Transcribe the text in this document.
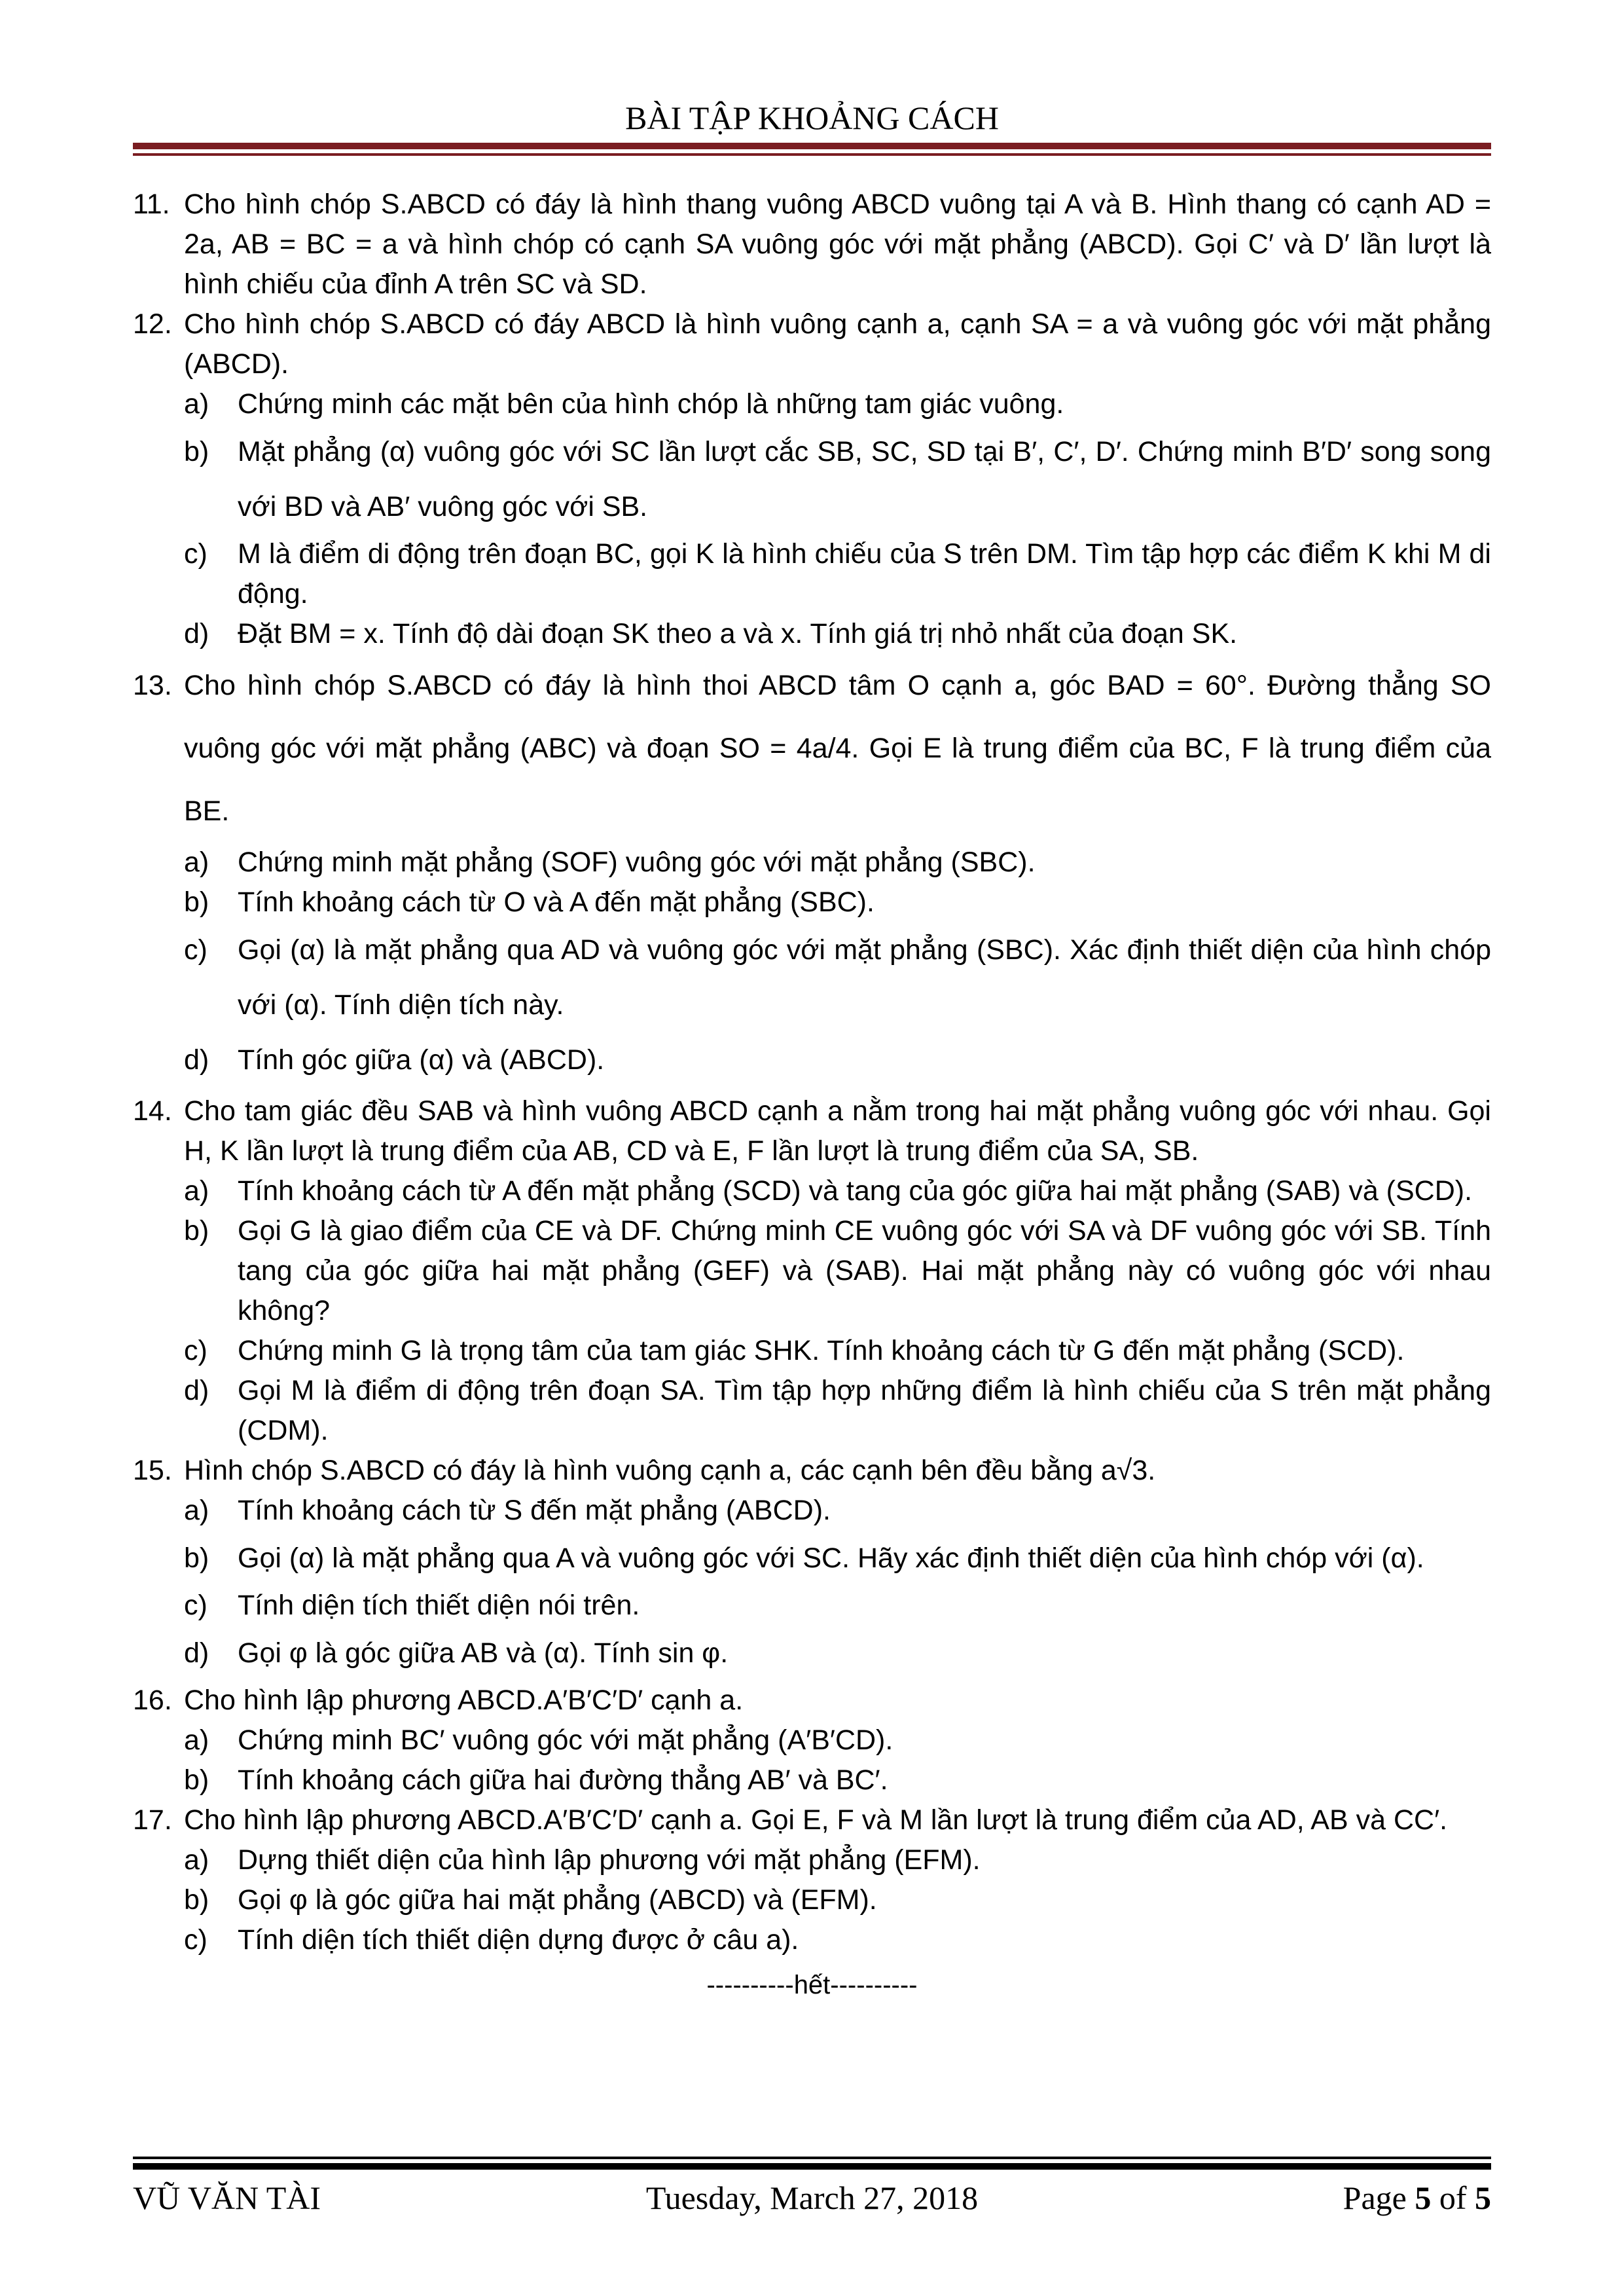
BÀI TẬP KHOẢNG CÁCH

11. Cho hình chóp S.ABCD có đáy là hình thang vuông ABCD vuông tại A và B. Hình thang có cạnh AD = 2a, AB = BC = a và hình chóp có cạnh SA vuông góc với mặt phẳng (ABCD). Gọi C′ và D′ lần lượt là hình chiếu của đỉnh A trên SC và SD.

12. Cho hình chóp S.ABCD có đáy ABCD là hình vuông cạnh a, cạnh SA = a và vuông góc với mặt phẳng (ABCD).

a) Chứng minh các mặt bên của hình chóp là những tam giác vuông.

b) Mặt phẳng (α) vuông góc với SC lần lượt cắc SB, SC, SD tại B′, C′, D′. Chứng minh B′D′ song song với BD và AB′ vuông góc với SB.

c) M là điểm di động trên đoạn BC, gọi K là hình chiếu của S trên DM. Tìm tập hợp các điểm K khi M di động.

d) Đặt BM = x. Tính độ dài đoạn SK theo a và x. Tính giá trị nhỏ nhất của đoạn SK.

13. Cho hình chóp S.ABCD có đáy là hình thoi ABCD tâm O cạnh a, góc BAD = 60°. Đường thẳng SO vuông góc với mặt phẳng (ABC) và đoạn SO = 4a/4. Gọi E là trung điểm của BC, F là trung điểm của BE.

a) Chứng minh mặt phẳng (SOF) vuông góc với mặt phẳng (SBC).

b) Tính khoảng cách từ O và A đến mặt phẳng (SBC).

c) Gọi (α) là mặt phẳng qua AD và vuông góc với mặt phẳng (SBC). Xác định thiết diện của hình chóp với (α). Tính diện tích này.

d) Tính góc giữa (α) và (ABCD).

14. Cho tam giác đều SAB và hình vuông ABCD cạnh a nằm trong hai mặt phẳng vuông góc với nhau. Gọi H, K lần lượt là trung điểm của AB, CD và E, F lần lượt là trung điểm của SA, SB.

a) Tính khoảng cách từ A đến mặt phẳng (SCD) và tang của góc giữa hai mặt phẳng (SAB) và (SCD).

b) Gọi G là giao điểm của CE và DF. Chứng minh CE vuông góc với SA và DF vuông góc với SB. Tính tang của góc giữa hai mặt phẳng (GEF) và (SAB). Hai mặt phẳng này có vuông góc với nhau không?

c) Chứng minh G là trọng tâm của tam giác SHK. Tính khoảng cách từ G đến mặt phẳng (SCD).

d) Gọi M là điểm di động trên đoạn SA. Tìm tập hợp những điểm là hình chiếu của S trên mặt phẳng (CDM).

15. Hình chóp S.ABCD có đáy là hình vuông cạnh a, các cạnh bên đều bằng a√3.

a) Tính khoảng cách từ S đến mặt phẳng (ABCD).

b) Gọi (α) là mặt phẳng qua A và vuông góc với SC. Hãy xác định thiết diện của hình chóp với (α).

c) Tính diện tích thiết diện nói trên.

d) Gọi φ là góc giữa AB và (α). Tính sin φ.

16. Cho hình lập phương ABCD.A′B′C′D′ cạnh a.

a) Chứng minh BC′ vuông góc với mặt phẳng (A′B′CD).

b) Tính khoảng cách giữa hai đường thẳng AB′ và BC′.

17. Cho hình lập phương ABCD.A′B′C′D′ cạnh a. Gọi E, F và M lần lượt là trung điểm của AD, AB và CC′.

a) Dựng thiết diện của hình lập phương với mặt phẳng (EFM).

b) Gọi φ là góc giữa hai mặt phẳng (ABCD) và (EFM).

c) Tính diện tích thiết diện dựng được ở câu a).

----------hết----------
VŨ VĂN TÀI	Tuesday, March 27, 2018	Page 5 of 5
